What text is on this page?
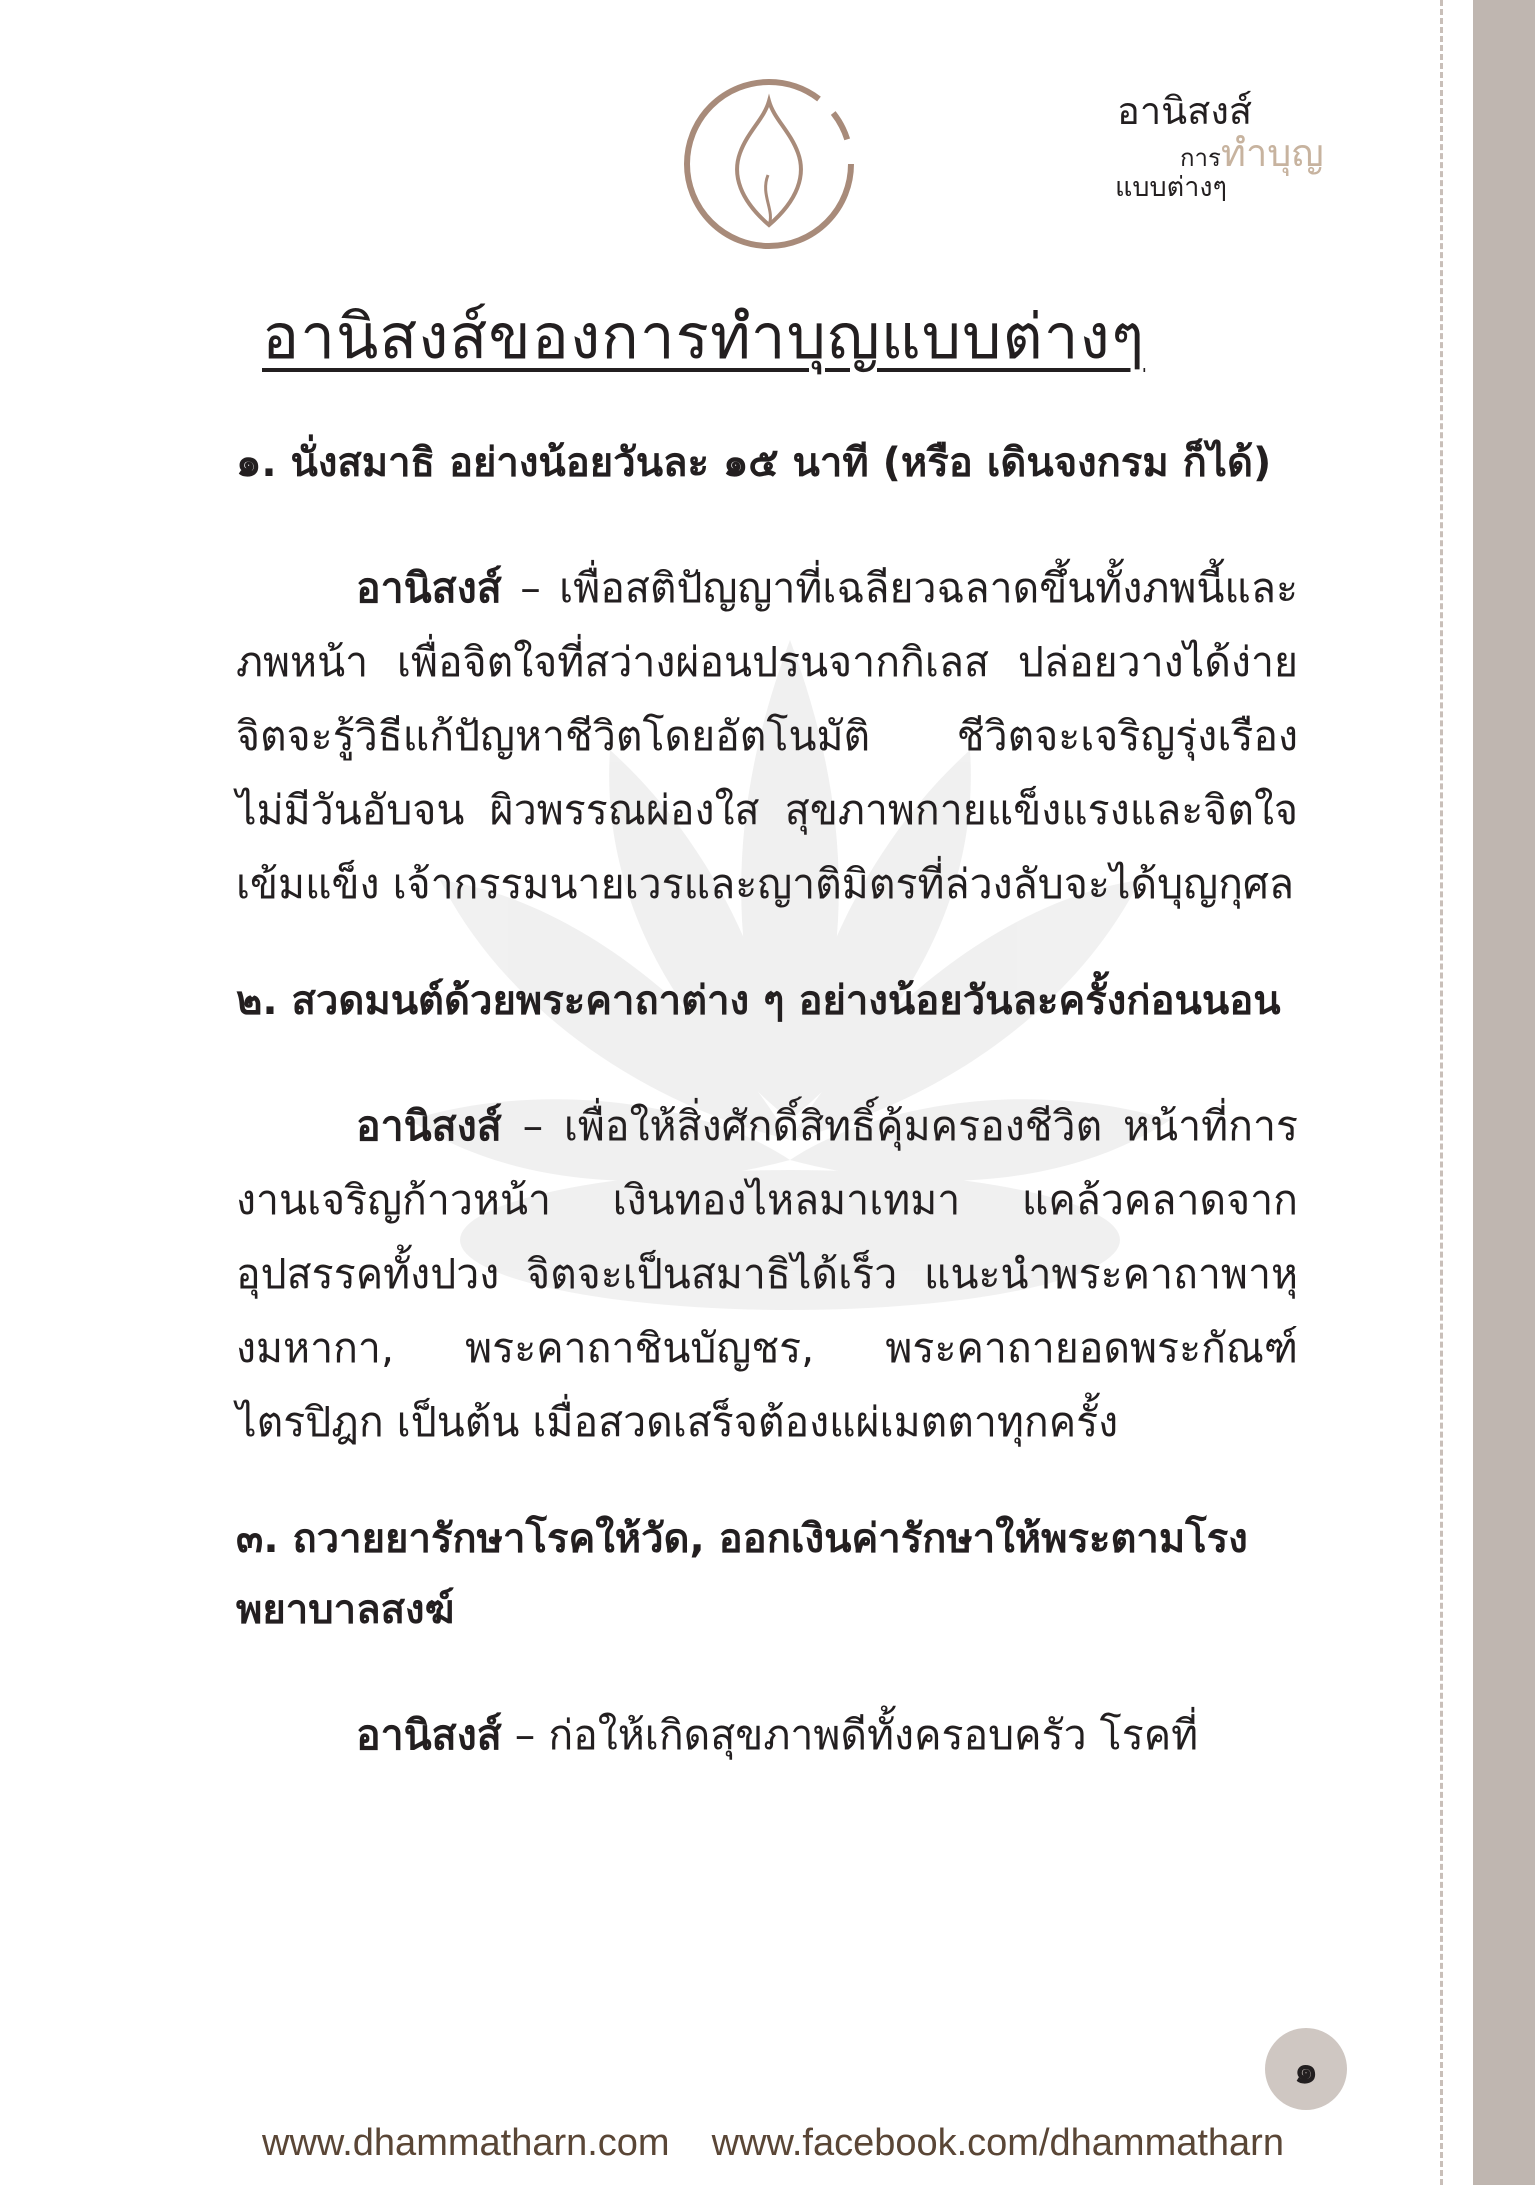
อานิสงส์
การทำบุญ
แบบต่างๆ
อานิสงส์ของการทำบุญแบบต่างๆ

๑. นั่งสมาธิ อย่างน้อยวันละ ๑๕ นาที (หรือ เดินจงกรม ก็ได้)

อานิสงส์ – เพื่อสติปัญญาที่เฉลียวฉลาดขึ้นทั้งภพนี้และภพหน้า เพื่อจิตใจที่สว่างผ่อนปรนจากกิเลส ปล่อยวางได้ง่าย จิตจะรู้วิธีแก้ปัญหาชีวิตโดยอัตโนมัติ ชีวิตจะเจริญรุ่งเรืองไม่มีวันอับจน ผิวพรรณผ่องใส สุขภาพกายแข็งแรงและจิตใจเข้มแข็ง เจ้ากรรมนายเวรและญาติมิตรที่ล่วงลับจะได้บุญกุศล

๒. สวดมนต์ด้วยพระคาถาต่าง ๆ อย่างน้อยวันละครั้งก่อนนอน

อานิสงส์ – เพื่อให้สิ่งศักดิ์สิทธิ์คุ้มครองชีวิต หน้าที่การงานเจริญก้าวหน้า เงินทองไหลมาเทมา แคล้วคลาดจากอุปสรรคทั้งปวง จิตจะเป็นสมาธิได้เร็ว แนะนำพระคาถาพาหุงมหากา, พระคาถาชินบัญชร, พระคาถายอดพระกัณฑ์ไตรปิฎก เป็นต้น เมื่อสวดเสร็จต้องแผ่เมตตาทุกครั้ง

๓. ถวายยารักษาโรคให้วัด, ออกเงินค่ารักษาให้พระตามโรงพยาบาลสงฆ์

อานิสงส์ – ก่อให้เกิดสุขภาพดีทั้งครอบครัว โรคที่

๑
www.dhammatharn.com www.facebook.com/dhammatharn
